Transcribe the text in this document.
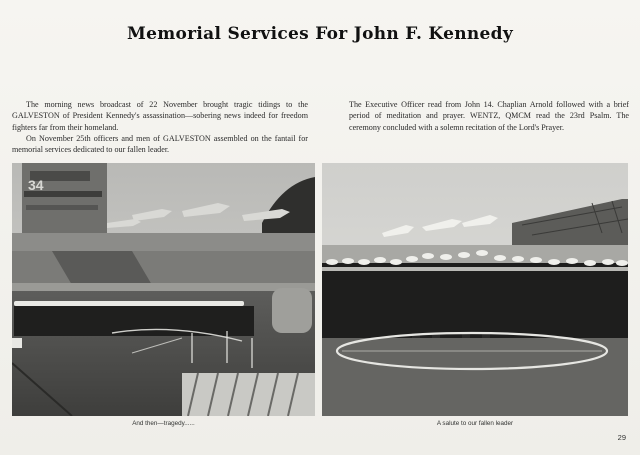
Memorial Services For John F. Kennedy

The morning news broadcast of 22 November brought tragic tidings to the GALVESTON of President Kennedy's assassination—sobering news indeed for freedom fighters far from their homeland.

On November 25th officers and men of GALVESTON assembled on the fantail for memorial services dedicated to our fallen leader.

The Executive Officer read from John 14. Chaplian Arnold followed with a brief period of meditation and prayer. WENTZ, QMCM read the 23rd Psalm. The ceremony concluded with a solemn recitation of the Lord's Prayer.

34
And then—tragedy......	A salute to our fallen leader
29
